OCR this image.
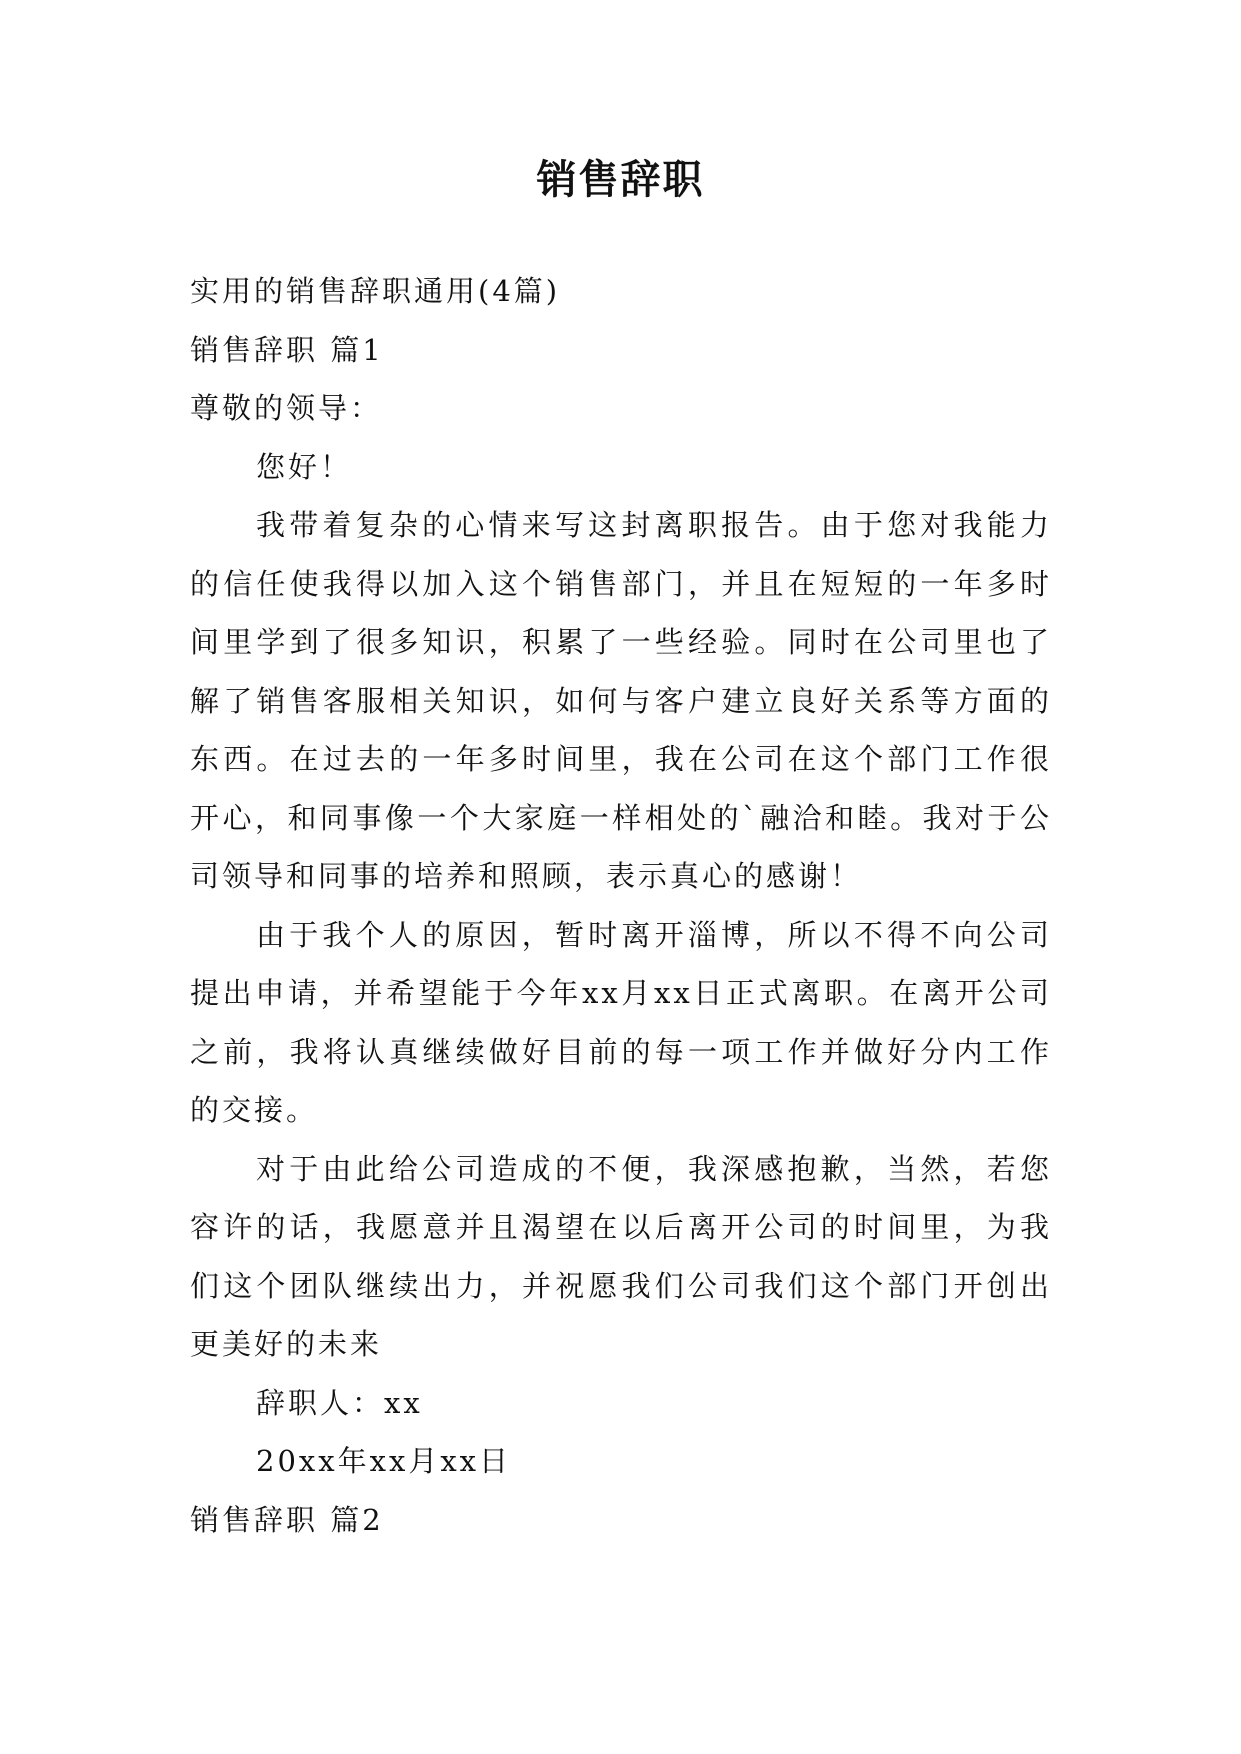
销售辞职
实用的销售辞职通用(4篇)
销售辞职 篇1
尊敬的领导：
您好！

我带着复杂的心情来写这封离职报告。由于您对我能力的信任使我得以加入这个销售部门，并且在短短的一年多时间里学到了很多知识，积累了一些经验。同时在公司里也了解了销售客服相关知识，如何与客户建立良好关系等方面的东西。在过去的一年多时间里，我在公司在这个部门工作很开心，和同事像一个大家庭一样相处的`融洽和睦。我对于公司领导和同事的培养和照顾，表示真心的感谢！

由于我个人的原因，暂时离开淄博，所以不得不向公司提出申请，并希望能于今年xx月xx日正式离职。在离开公司之前，我将认真继续做好目前的每一项工作并做好分内工作的交接。

对于由此给公司造成的不便，我深感抱歉，当然，若您容许的话，我愿意并且渴望在以后离开公司的时间里，为我们这个团队继续出力，并祝愿我们公司我们这个部门开创出更美好的未来

辞职人：xx
20xx年xx月xx日
销售辞职 篇2
